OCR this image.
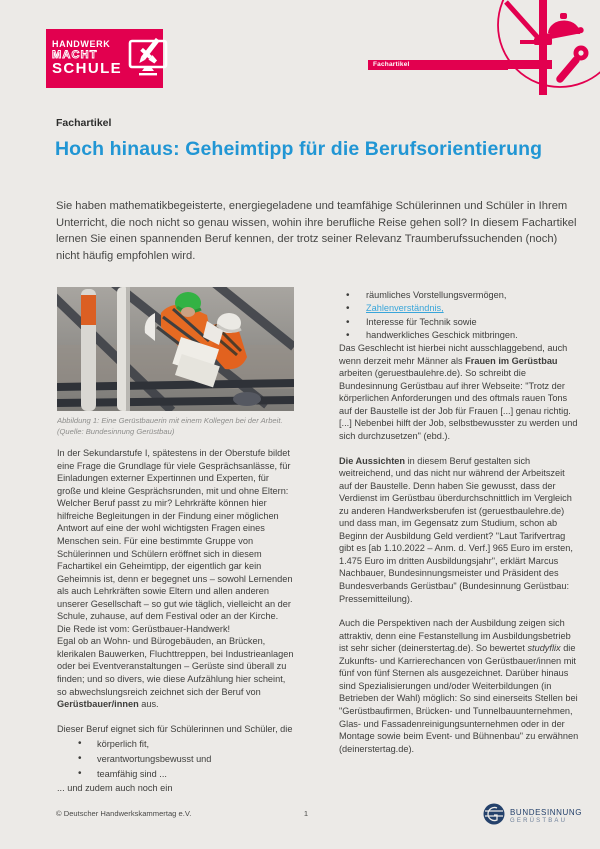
HANDWERK
MACHT
SCHULE	Fachartikel
Fachartikel
Hoch hinaus: Geheimtipp für die Berufsorientierung

Sie haben mathematikbegeisterte, energiegeladene und teamfähige Schülerinnen und Schüler in Ihrem Unterricht, die noch nicht so genau wissen, wohin ihre berufliche Reise gehen soll? In diesem Fachartikel lernen Sie einen spannenden Beruf kennen, der trotz seiner Relevanz Traumberufssuchenden (noch) nicht häufig empfohlen wird.

Abbildung 1: Eine Gerüstbauerin mit einem Kollegen bei der Arbeit. (Quelle: Bundesinnung Gerüstbau)

In der Sekundarstufe I, spätestens in der Oberstufe bildet eine Frage die Grundlage für viele Gesprächsanlässe, für Einladungen externer Expertinnen und Experten, für große und kleine Gesprächsrunden, mit und ohne Eltern: Welcher Beruf passt zu mir? Lehrkräfte können hier hilfreiche Begleitungen in der Findung einer möglichen Antwort auf eine der wohl wichtigsten Fragen eines Menschen sein. Für eine bestimmte Gruppe von Schülerinnen und Schülern eröffnet sich in diesem Fachartikel ein Geheimtipp, der eigentlich gar kein Geheimnis ist, denn er begegnet uns – sowohl Lernenden als auch Lehrkräften sowie Eltern und allen anderen unserer Gesellschaft – so gut wie täglich, vielleicht an der Schule, zuhause, auf dem Festival oder an der Kirche. Die Rede ist vom: Gerüstbauer-Handwerk!

Egal ob an Wohn- und Bürogebäuden, an Brücken, klerikalen Bauwerken, Fluchttreppen, bei Industrieanlagen oder bei Eventveranstaltungen – Gerüste sind überall zu finden; und so divers, wie diese Aufzählung hier scheint, so abwechslungsreich zeichnet sich der Beruf von Gerüstbauer/innen aus.

Dieser Beruf eignet sich für Schülerinnen und Schüler, die

• körperlich fit,
• verantwortungsbewusst und
• teamfähig sind ...

... und zudem auch noch ein

• räumliches Vorstellungsvermögen,
• Zahlenverständnis,
• Interesse für Technik sowie
• handwerkliches Geschick mitbringen.

Das Geschlecht ist hierbei nicht ausschlaggebend, auch wenn derzeit mehr Männer als Frauen im Gerüstbau arbeiten (geruestbaulehre.de). So schreibt die Bundesinnung Gerüstbau auf ihrer Webseite: "Trotz der körperlichen Anforderungen und des oftmals rauen Tons auf der Baustelle ist der Job für Frauen [...] genau richtig. [...] Nebenbei hilft der Job, selbstbewusster zu werden und sich durchzusetzen" (ebd.).

Die Aussichten in diesem Beruf gestalten sich weitreichend, und das nicht nur während der Arbeitszeit auf der Baustelle. Denn haben Sie gewusst, dass der Verdienst im Gerüstbau überdurchschnittlich im Vergleich zu anderen Handwerksberufen ist (geruestbaulehre.de) und dass man, im Gegensatz zum Studium, schon ab Beginn der Ausbildung Geld verdient? "Laut Tarifvertrag gibt es [ab 1.10.2022 – Anm. d. Verf.] 965 Euro im ersten, 1.475 Euro im dritten Ausbildungsjahr", erklärt Marcus Nachbauer, Bundesinnungsmeister und Präsident des Bundesverbands Gerüstbau" (Bundesinnung Gerüstbau: Pressemitteilung).

Auch die Perspektiven nach der Ausbildung zeigen sich attraktiv, denn eine Festanstellung im Ausbildungsbetrieb ist sehr sicher (deinerstertag.de). So bewertet studyflix die Zukunfts- und Karrierechancen von Gerüstbauer/innen mit fünf von fünf Sternen als ausgezeichnet. Darüber hinaus sind Spezialisierungen und/oder Weiterbildungen (in Betrieben der Wahl) möglich: So sind einerseits Stellen bei "Gerüstbaufirmen, Brücken- und Tunnelbauunternehmen, Glas- und Fassadenreinigungsunternehmen oder in der Montage sowie beim Event- und Bühnenbau" zu erwähnen (deinerstertag.de).

© Deutscher Handwerkskammertag e.V.	1	BUNDESINNUNG
GERÜSTBAU
